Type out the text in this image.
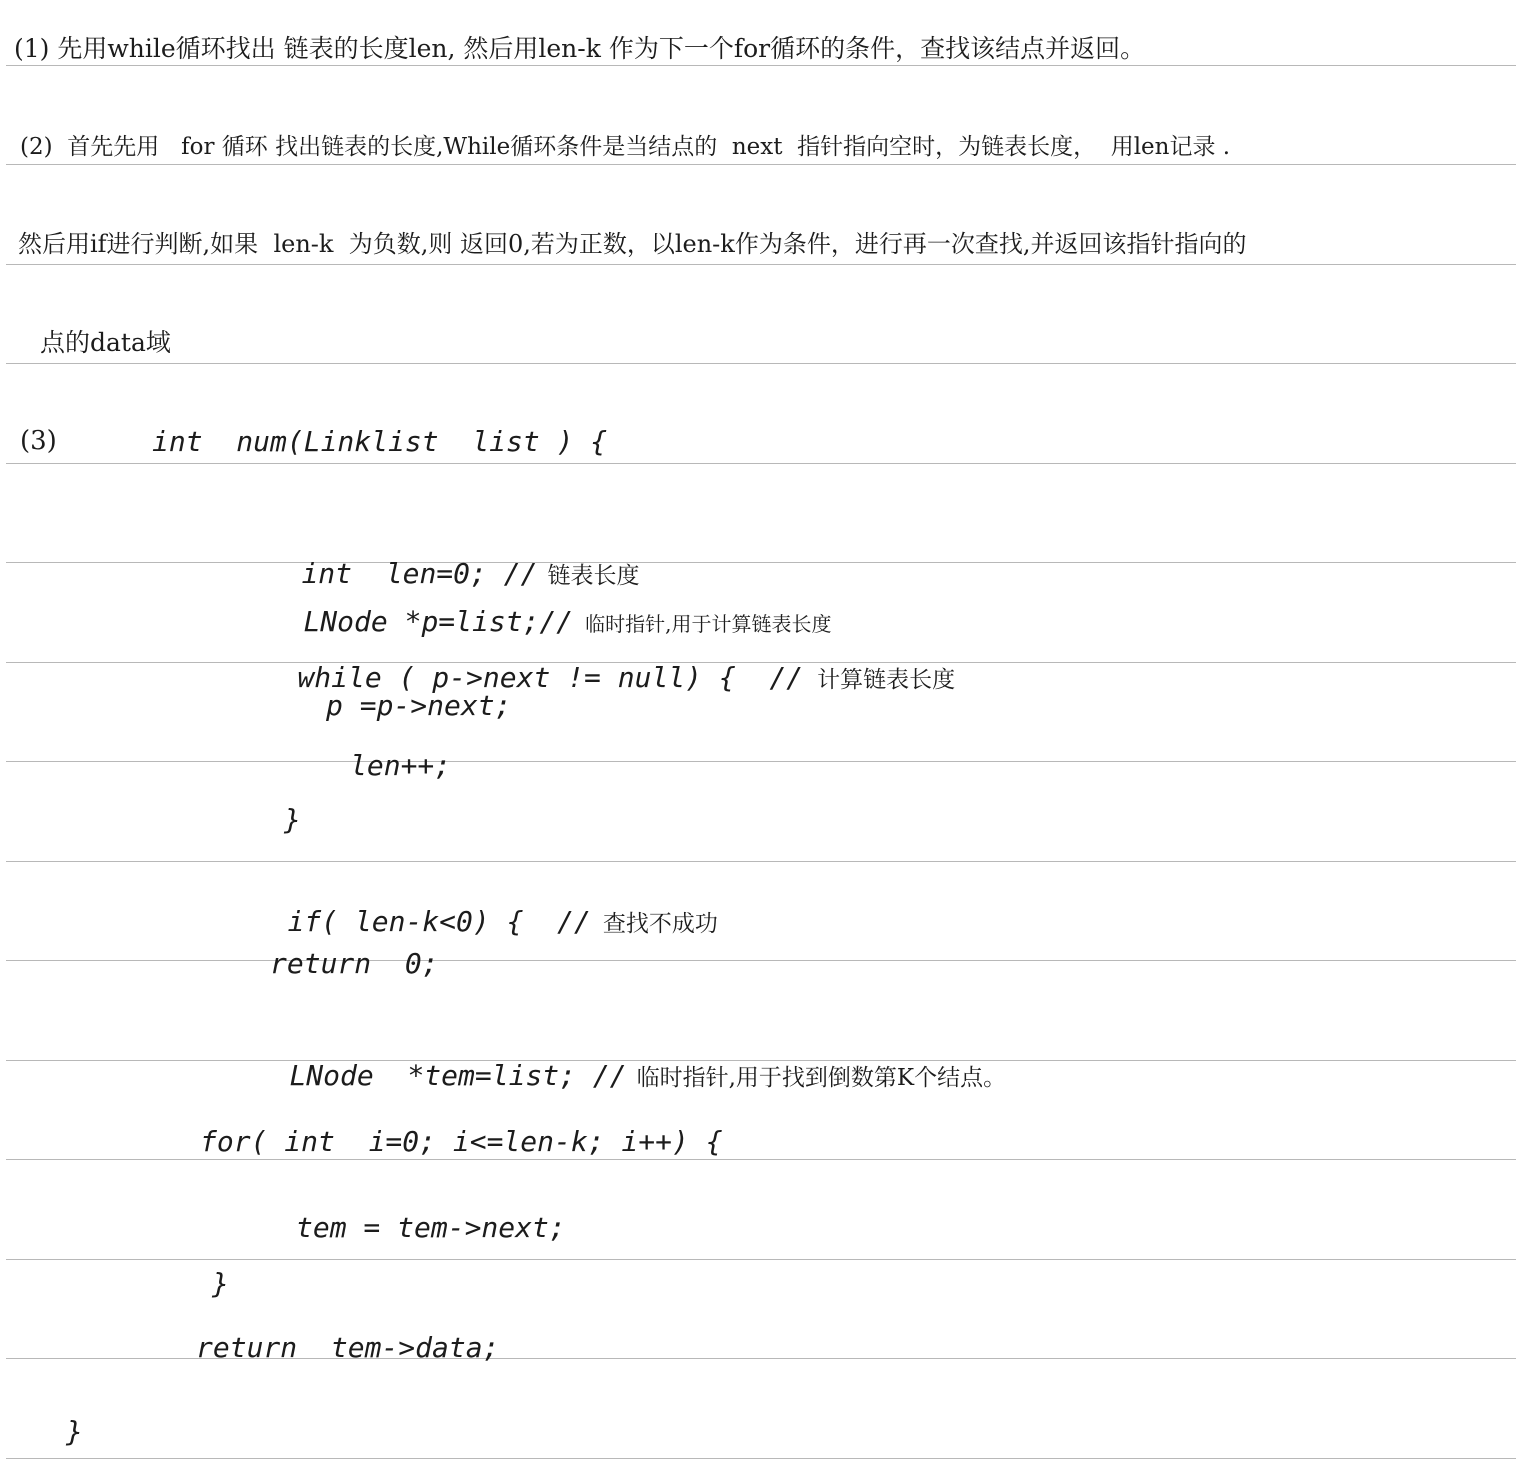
(1) 先用while循环找出 链表的长度len, 然后用len-k 作为下一个for循环的条件，查找该结点并返回。
(2)  首先先用   for 循环 找出链表的长度,While循环条件是当结点的  next  指针指向空时，为链表长度，  用len记录 .
然后用if进行判断,如果  len-k  为负数,则 返回0,若为正数，以len-k作为条件，进行再一次查找,并返回该指针指向的
点的data域
(3)	int  num(Linklist  list ) {

int  len=0; // 链表长度

LNode *p=list;// 临时指针,用于计算链表长度

while ( p->next != null) {  // 计算链表长度

p =p->next;
len++;
}

if( len-k<0) {  // 查找不成功

return  0;

LNode  *tem=list; // 临时指针,用于找到倒数第K个结点。

for( int  i=0; i<=len-k; i++) {
tem = tem->next;
}
return  tem->data;
}
